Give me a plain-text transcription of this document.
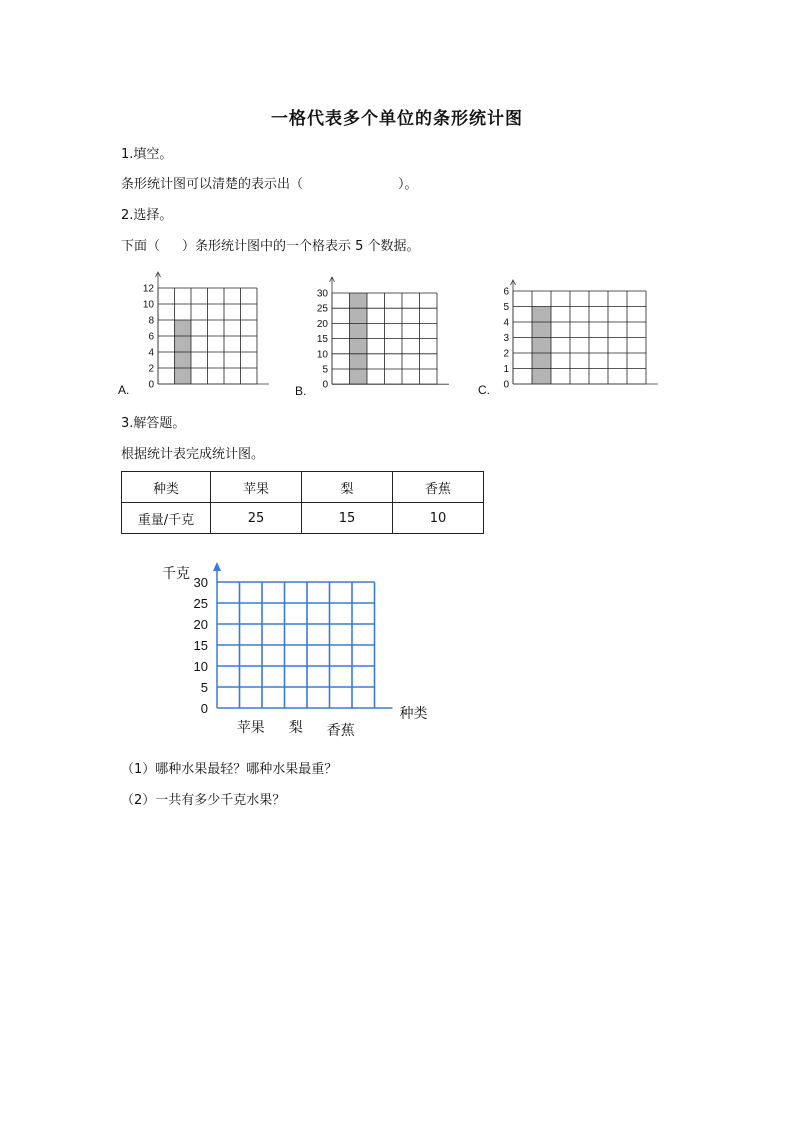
一格代表多个单位的条形统计图
1.填空。
条形统计图可以清楚的表示出（	）。
2.选择。
下面（ ）条形统计图中的一个格表示 5 个数据。
0
2
4
6
8
10
12
A.	0
5
10
15
20
25
30
B.	0
1
2
3
4
5
6
C.
3.解答题。
根据统计表完成统计图。
种类	苹果	梨	香蕉
重量/千克	25	15	10
0
5
10
15
20
25
30
千克
种类
苹果 梨 香蕉
（1）哪种水果最轻？哪种水果最重？
（2）一共有多少千克水果？
